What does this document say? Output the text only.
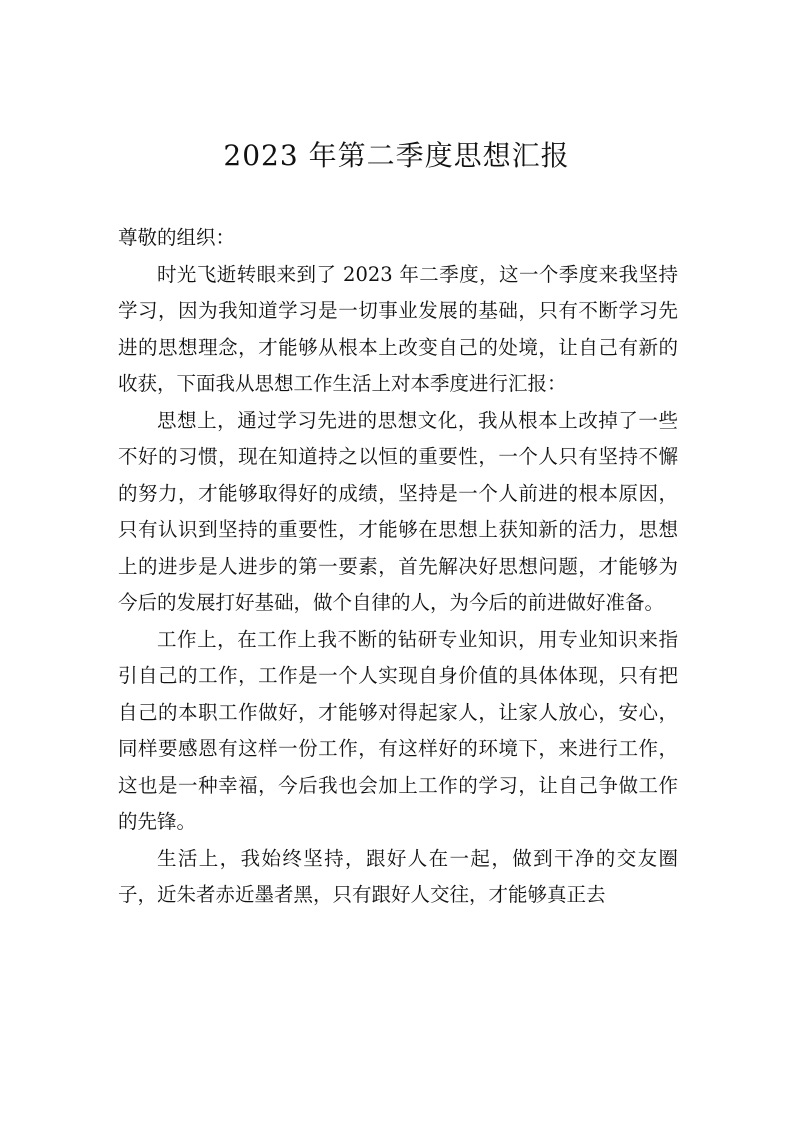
2023 年第二季度思想汇报

尊敬的组织：

时光飞逝转眼来到了 2023 年二季度，这一个季度来我坚持学习，因为我知道学习是一切事业发展的基础，只有不断学习先进的思想理念，才能够从根本上改变自己的处境，让自己有新的收获，下面我从思想工作生活上对本季度进行汇报：

思想上，通过学习先进的思想文化，我从根本上改掉了一些不好的习惯，现在知道持之以恒的重要性，一个人只有坚持不懈的努力，才能够取得好的成绩，坚持是一个人前进的根本原因，只有认识到坚持的重要性，才能够在思想上获知新的活力，思想上的进步是人进步的第一要素，首先解决好思想问题，才能够为今后的发展打好基础，做个自律的人，为今后的前进做好准备。

工作上，在工作上我不断的钻研专业知识，用专业知识来指引自己的工作，工作是一个人实现自身价值的具体体现，只有把自己的本职工作做好，才能够对得起家人，让家人放心，安心，同样要感恩有这样一份工作，有这样好的环境下，来进行工作，这也是一种幸福，今后我也会加上工作的学习，让自己争做工作的先锋。

生活上，我始终坚持，跟好人在一起，做到干净的交友圈子，近朱者赤近墨者黑，只有跟好人交往，才能够真正去
